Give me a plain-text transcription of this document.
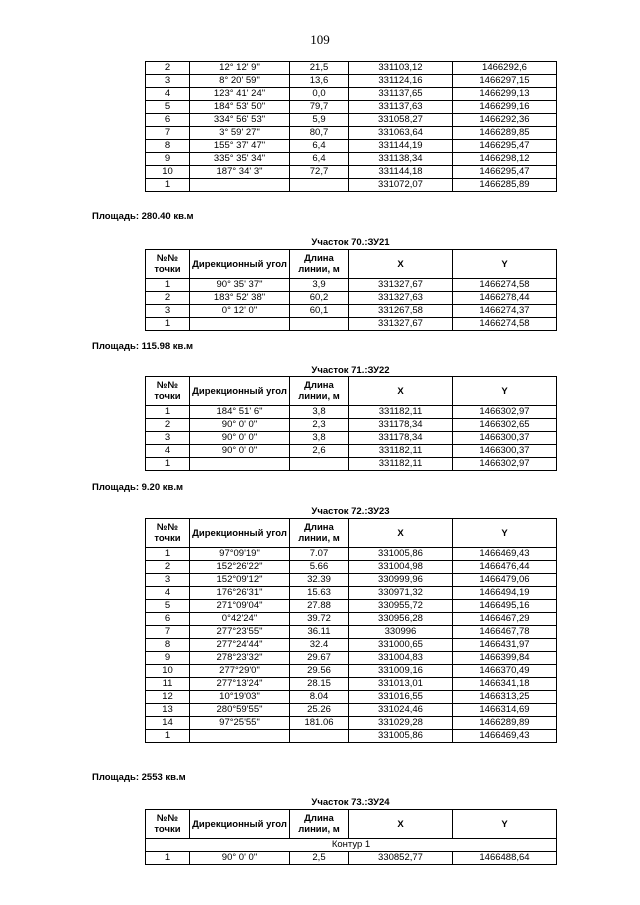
109
2	12° 12' 9"	21,5	331103,12	1466292,6
3	8° 20' 59"	13,6	331124,16	1466297,15
4	123° 41' 24"	0,0	331137,65	1466299,13
5	184° 53' 50"	79,7	331137,63	1466299,16
6	334° 56' 53"	5,9	331058,27	1466292,36
7	3° 59' 27"	80,7	331063,64	1466289,85
8	155° 37' 47"	6,4	331144,19	1466295,47
9	335° 35' 34"	6,4	331138,34	1466298,12
10	187° 34' 3"	72,7	331144,18	1466295,47
1			331072,07	1466285,89
Площадь: 280.40 кв.м
Участок 70.:ЗУ21
№№ точки	Дирекционный угол	Длина линии, м	X	Y
1	90° 35' 37"	3,9	331327,67	1466274,58
2	183° 52' 38"	60,2	331327,63	1466278,44
3	0° 12' 0"	60,1	331267,58	1466274,37
1			331327,67	1466274,58
Площадь: 115.98 кв.м
Участок 71.:ЗУ22
№№ точки	Дирекционный угол	Длина линии, м	X	Y
1	184° 51' 6"	3,8	331182,11	1466302,97
2	90° 0' 0"	2,3	331178,34	1466302,65
3	90° 0' 0"	3,8	331178,34	1466300,37
4	90° 0' 0"	2,6	331182,11	1466300,37
1			331182,11	1466302,97
Площадь: 9.20 кв.м
Участок 72.:ЗУ23
№№ точки	Дирекционный угол	Длина линии, м	X	Y
1	97°09'19"	7.07	331005,86	1466469,43
2	152°26'22"	5.66	331004,98	1466476,44
3	152°09'12"	32.39	330999,96	1466479,06
4	176°26'31"	15.63	330971,32	1466494,19
5	271°09'04"	27.88	330955,72	1466495,16
6	0°42'24"	39.72	330956,28	1466467,29
7	277°23'55"	36.11	330996	1466467,78
8	277°24'44"	32.4	331000,65	1466431,97
9	278°23'32"	29.67	331004,83	1466399,84
10	277°29'0"	29.56	331009,16	1466370,49
11	277°13'24"	28.15	331013,01	1466341,18
12	10°19'03"	8.04	331016,55	1466313,25
13	280°59'55"	25.26	331024,46	1466314,69
14	97°25'55"	181.06	331029,28	1466289,89
1			331005,86	1466469,43
Площадь: 2553 кв.м
Участок 73.:ЗУ24
№№ точки	Дирекционный угол	Длина линии, м	X	Y
Контур 1				
1	90° 0' 0"	2,5	330852,77	1466488,64
